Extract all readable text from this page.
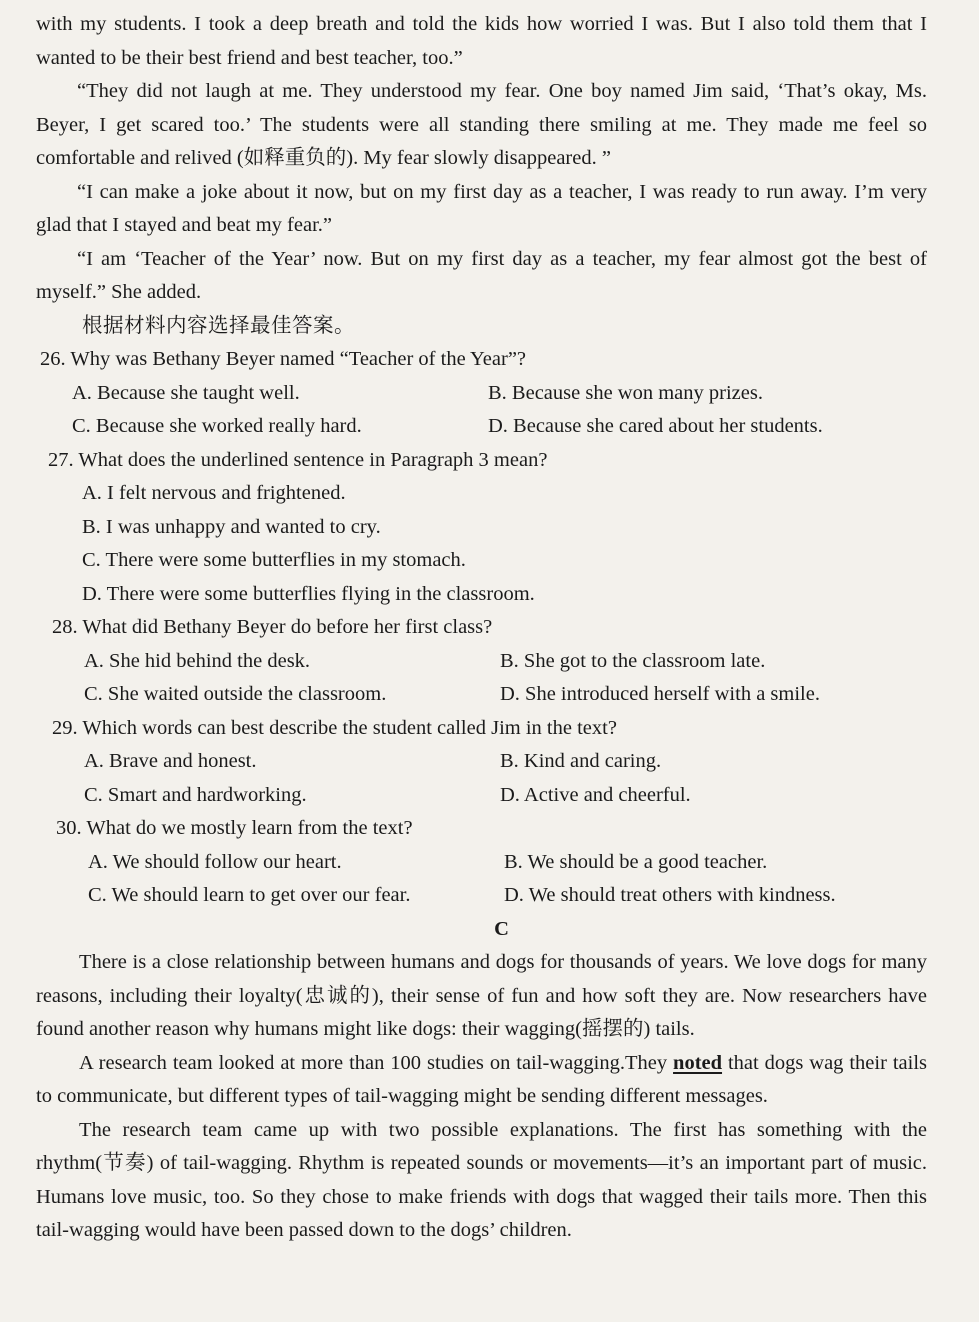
with my students. I took a deep breath and told the kids how worried I was. But I also told them that I wanted to be their best friend and best teacher, too.”

“They did not laugh at me. They understood my fear. One boy named Jim said, ‘That’s okay, Ms. Beyer, I get scared too.’ The students were all standing there smiling at me. They made me feel so comfortable and relived (如释重负的). My fear slowly disappeared. ”

“I can make a joke about it now, but on my first day as a teacher, I was ready to run away. I’m very glad that I stayed and beat my fear.”

“I am ‘Teacher of the Year’ now. But on my first day as a teacher, my fear almost got the best of myself.” She added.

根据材料内容选择最佳答案。
26. Why was Bethany Beyer named “Teacher of the Year”?
A. Because she taught well.	B. Because she won many prizes.
C. Because she worked really hard.	D. Because she cared about her students.
27. What does the underlined sentence in Paragraph 3 mean?
A. I felt nervous and frightened.
B. I was unhappy and wanted to cry.
C. There were some butterflies in my stomach.
D. There were some butterflies flying in the classroom.
28. What did Bethany Beyer do before her first class?
A. She hid behind the desk.	B. She got to the classroom late.
C. She waited outside the classroom.	D. She introduced herself with a smile.
29. Which words can best describe the student called Jim in the text?
A. Brave and honest.	B. Kind and caring.
C. Smart and hardworking.	D. Active and cheerful.
30. What do we mostly learn from the text?
A. We should follow our heart.	B. We should be a good teacher.
C. We should learn to get over our fear.	D. We should treat others with kindness.
C

There is a close relationship between humans and dogs for thousands of years. We love dogs for many reasons, including their loyalty(忠诚的), their sense of fun and how soft they are. Now researchers have found another reason why humans might like dogs: their wagging(摇摆的) tails.

A research team looked at more than 100 studies on tail-wagging.They noted that dogs wag their tails to communicate, but different types of tail-wagging might be sending different messages.

The research team came up with two possible explanations. The first has something with the rhythm(节奏) of tail-wagging. Rhythm is repeated sounds or movements—it’s an important part of music. Humans love music, too. So they chose to make friends with dogs that wagged their tails more. Then this tail-wagging would have been passed down to the dogs’ children.
